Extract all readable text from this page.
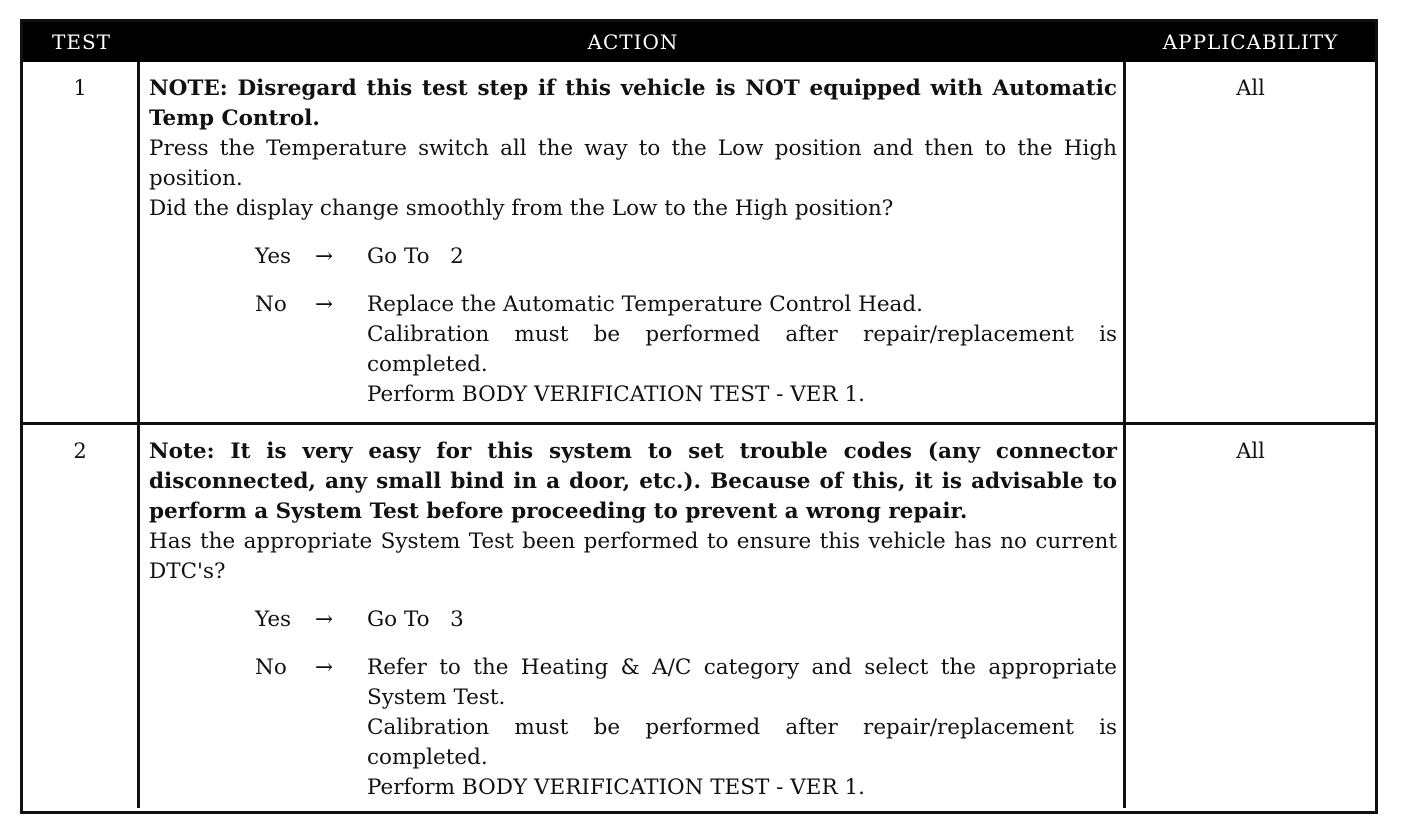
TEST	ACTION	APPLICABILITY
1	NOTE: Disregard this test step if this vehicle is NOT equipped with Automatic Temp Control.
Press the Temperature switch all the way to the Low position and then to the High position.
Did the display change smoothly from the Low to the High position?
Yes	→	Go To   2
No	→	Replace the Automatic Temperature Control Head.
Calibration must be performed after repair/replacement is completed.
Perform BODY VERIFICATION TEST - VER 1.
All
2	Note: It is very easy for this system to set trouble codes (any connector disconnected, any small bind in a door, etc.). Because of this, it is advisable to perform a System Test before proceeding to prevent a wrong repair.
Has the appropriate System Test been performed to ensure this vehicle has no current DTC's?
Yes	→	Go To   3
No	→	Refer to the Heating & A/C category and select the appropriate System Test.
Calibration must be performed after repair/replacement is completed.
Perform BODY VERIFICATION TEST - VER 1.
All
